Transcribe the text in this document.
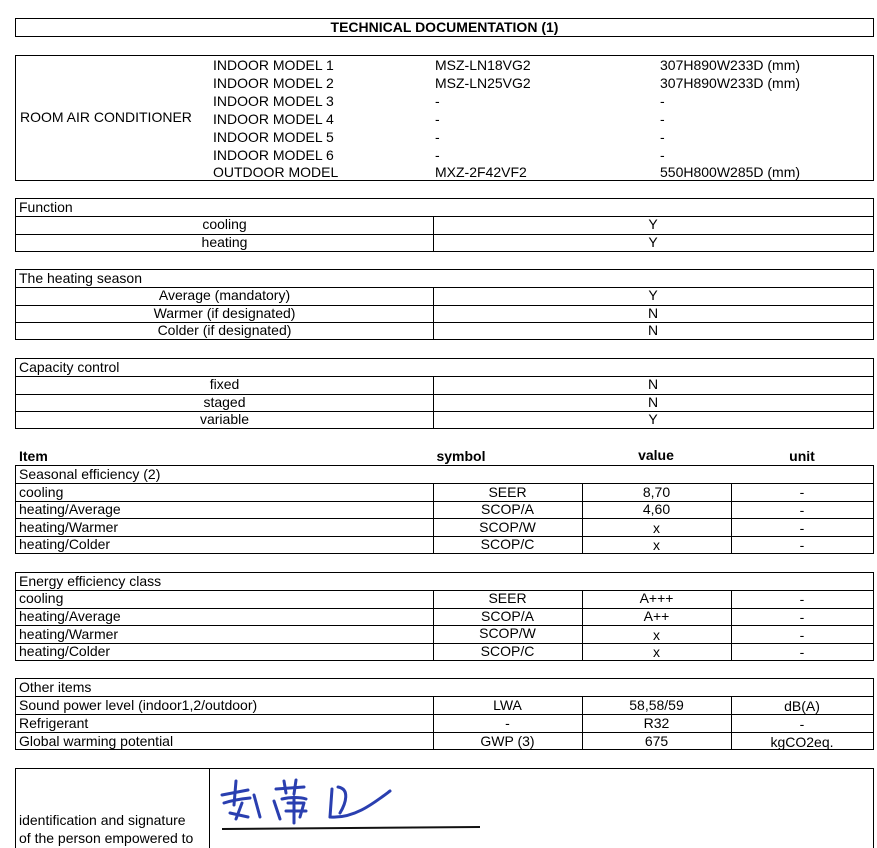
TECHNICAL DOCUMENTATION (1)
ROOM AIR CONDITIONER
INDOOR MODEL 1	MSZ-LN18VG2	307H890W233D (mm)
INDOOR MODEL 2	MSZ-LN25VG2	307H890W233D (mm)
INDOOR MODEL 3	-	-
INDOOR MODEL 4	-	-
INDOOR MODEL 5	-	-
INDOOR MODEL 6	-	-
OUTDOOR MODEL	MXZ-2F42VF2	550H800W285D (mm)
Function
cooling	Y
heating	Y
The heating season
Average (mandatory)	Y
Warmer (if designated)	N
Colder (if designated)	N
Capacity control
fixed	N
staged	N
variable	Y
Item	symbol	value	unit
Seasonal efficiency (2)
cooling	SEER	8,70	-
heating/Average	SCOP/A	4,60	-
heating/Warmer	SCOP/W	x	-
heating/Colder	SCOP/C	x	-
Energy efficiency class
cooling	SEER	A+++	-
heating/Average	SCOP/A	A++	-
heating/Warmer	SCOP/W	x	-
heating/Colder	SCOP/C	x	-
Other items
Sound power level (indoor1,2/outdoor)	LWA	58,58/59	dB(A)
Refrigerant	-	R32	-
Global warming potential	GWP (3)	675	kgCO2eq.
identification and signature
of the person empowered to
